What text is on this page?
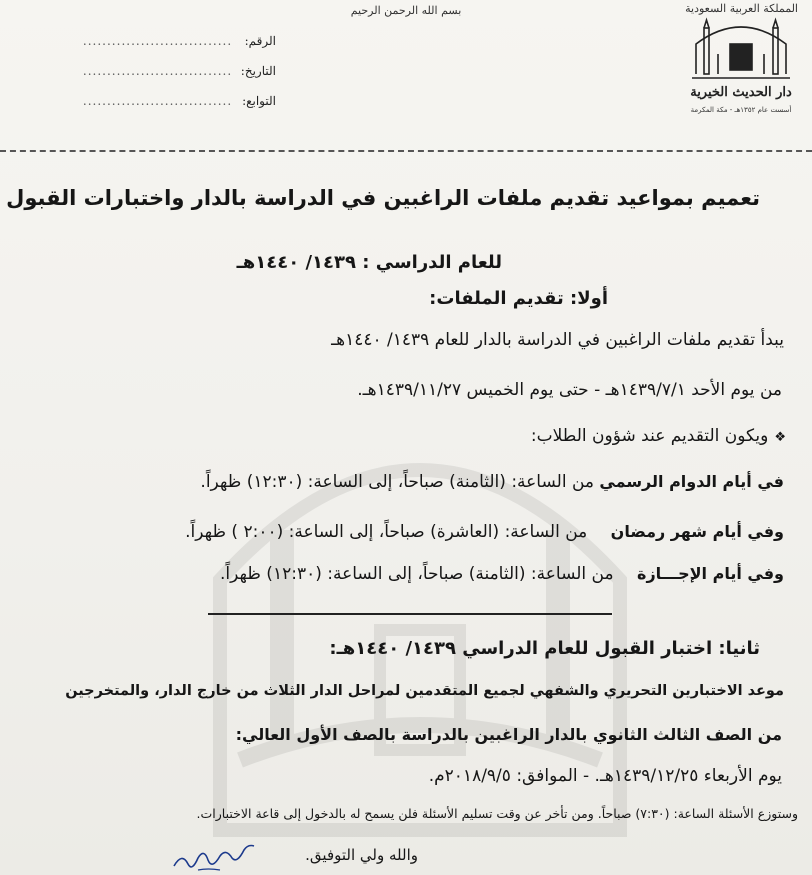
المملكة العربية السعودية
بسم الله الرحمن الرحيم
دار الحديث الخيرية
أسست عام ١٣٥٢هـ - مكة المكرمة
الرقم: ...............................
التاريخ: ...............................
التوابع: ...............................
تعميم بمواعيد تقديم ملفات الراغبين في الدراسة بالدار واختبارات القبول
للعام الدراسي : ١٤٣٩/ ١٤٤٠هـ
أولا: تقديم الملفات:
يبدأ تقديم ملفات الراغبين في الدراسة بالدار للعام ١٤٣٩/ ١٤٤٠هـ
من يوم الأحد ١٤٣٩/٧/١هـ - حتى يوم الخميس ١٤٣٩/١١/٢٧هـ.
❖ويكون التقديم عند شؤون الطلاب:
في أيام الدوام الرسمي من الساعة: (الثامنة) صباحاً، إلى الساعة: (١٢:٣٠) ظهراً.
وفي أيام شهر رمضان من الساعة: (العاشرة) صباحاً، إلى الساعة: (٢:٠٠ ) ظهراً.
وفي أيام الإجـــازة من الساعة: (الثامنة) صباحاً، إلى الساعة: (١٢:٣٠) ظهراً.
ثانيا: اختبار القبول للعام الدراسي ١٤٣٩/ ١٤٤٠هـ:
موعد الاختبارين التحريري والشفهي لجميع المتقدمين لمراحل الدار الثلاث من خارج الدار، والمتخرجين
من الصف الثالث الثانوي بالدار الراغبين بالدراسة بالصف الأول العالي:
يوم الأربعاء ١٤٣٩/١٢/٢٥هـ. - الموافق: ٢٠١٨/٩/٥م.
وستوزع الأسئلة الساعة: (٧:٣٠) صباحاً. ومن تأخر عن وقت تسليم الأسئلة فلن يسمح له بالدخول إلى قاعة الاختبارات.
والله ولي التوفيق.
